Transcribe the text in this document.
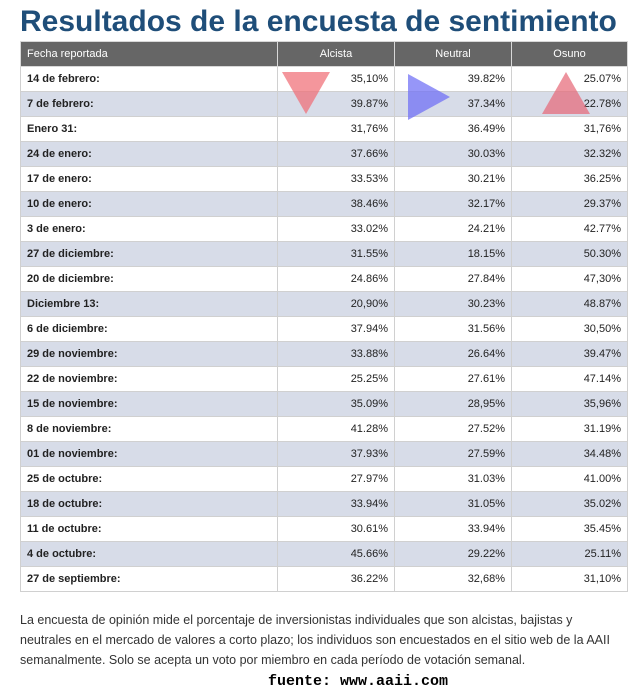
Resultados de la encuesta de sentimiento
Fecha reportada	Alcista	Neutral	Osuno
14 de febrero:	35,10%	39.82%	25.07%
7 de febrero:	39.87%	37.34%	22.78%
Enero 31:	31,76%	36.49%	31,76%
24 de enero:	37.66%	30.03%	32.32%
17 de enero:	33.53%	30.21%	36.25%
10 de enero:	38.46%	32.17%	29.37%
3 de enero:	33.02%	24.21%	42.77%
27 de diciembre:	31.55%	18.15%	50.30%
20 de diciembre:	24.86%	27.84%	47,30%
Diciembre 13:	20,90%	30.23%	48.87%
6 de diciembre:	37.94%	31.56%	30,50%
29 de noviembre:	33.88%	26.64%	39.47%
22 de noviembre:	25.25%	27.61%	47.14%
15 de noviembre:	35.09%	28,95%	35,96%
8 de noviembre:	41.28%	27.52%	31.19%
01 de noviembre:	37.93%	27.59%	34.48%
25 de octubre:	27.97%	31.03%	41.00%
18 de octubre:	33.94%	31.05%	35.02%
11 de octubre:	30.61%	33.94%	35.45%
4 de octubre:	45.66%	29.22%	25.11%
27 de septiembre:	36.22%	32,68%	31,10%

La encuesta de opinión mide el porcentaje de inversionistas individuales que son alcistas, bajistas y neutrales en el mercado de valores a corto plazo; los individuos son encuestados en el sitio web de la AAII semanalmente. Solo se acepta un voto por miembro en cada período de votación semanal.

fuente: www.aaii.com
